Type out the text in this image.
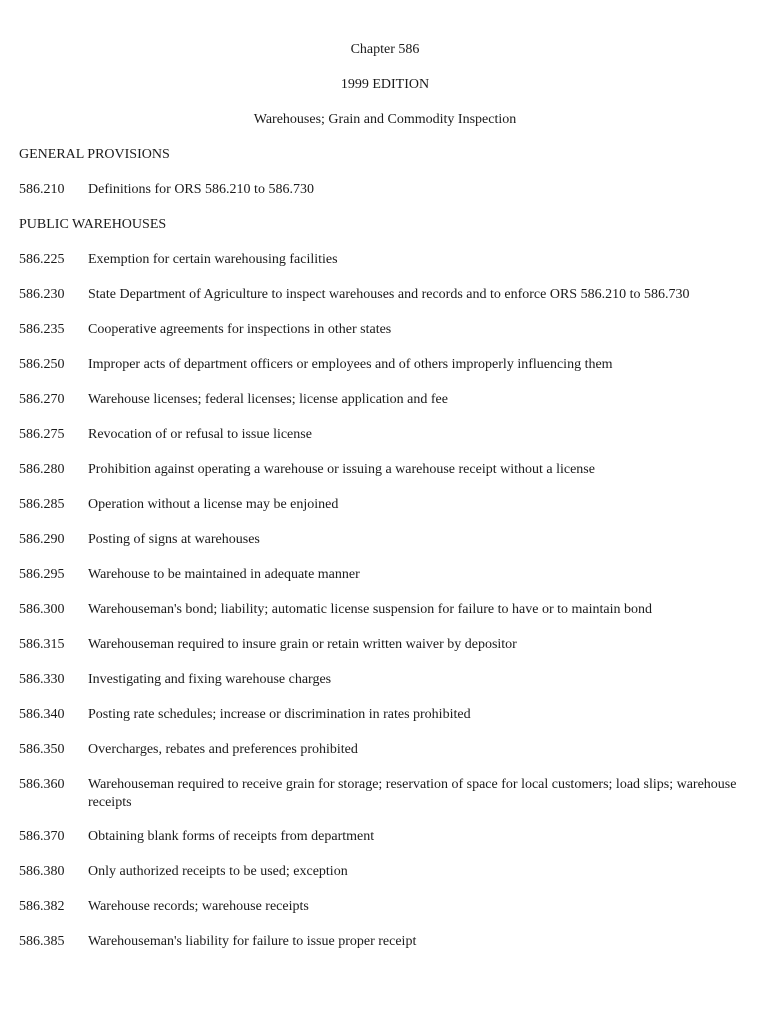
Chapter 586
1999 EDITION
Warehouses; Grain and Commodity Inspection
GENERAL PROVISIONS
586.210	Definitions for ORS 586.210 to 586.730
PUBLIC WAREHOUSES
586.225	Exemption for certain warehousing facilities
586.230	State Department of Agriculture to inspect warehouses and records and to enforce ORS 586.210 to 586.730
586.235	Cooperative agreements for inspections in other states
586.250	Improper acts of department officers or employees and of others improperly influencing them
586.270	Warehouse licenses; federal licenses; license application and fee
586.275	Revocation of or refusal to issue license
586.280	Prohibition against operating a warehouse or issuing a warehouse receipt without a license
586.285	Operation without a license may be enjoined
586.290	Posting of signs at warehouses
586.295	Warehouse to be maintained in adequate manner
586.300	Warehouseman's bond; liability; automatic license suspension for failure to have or to maintain bond
586.315	Warehouseman required to insure grain or retain written waiver by depositor
586.330	Investigating and fixing warehouse charges
586.340	Posting rate schedules; increase or discrimination in rates prohibited
586.350	Overcharges, rebates and preferences prohibited
586.360	Warehouseman required to receive grain for storage; reservation of space for local customers; load slips; warehouse receipts
586.370	Obtaining blank forms of receipts from department
586.380	Only authorized receipts to be used; exception
586.382	Warehouse records; warehouse receipts
586.385	Warehouseman's liability for failure to issue proper receipt
